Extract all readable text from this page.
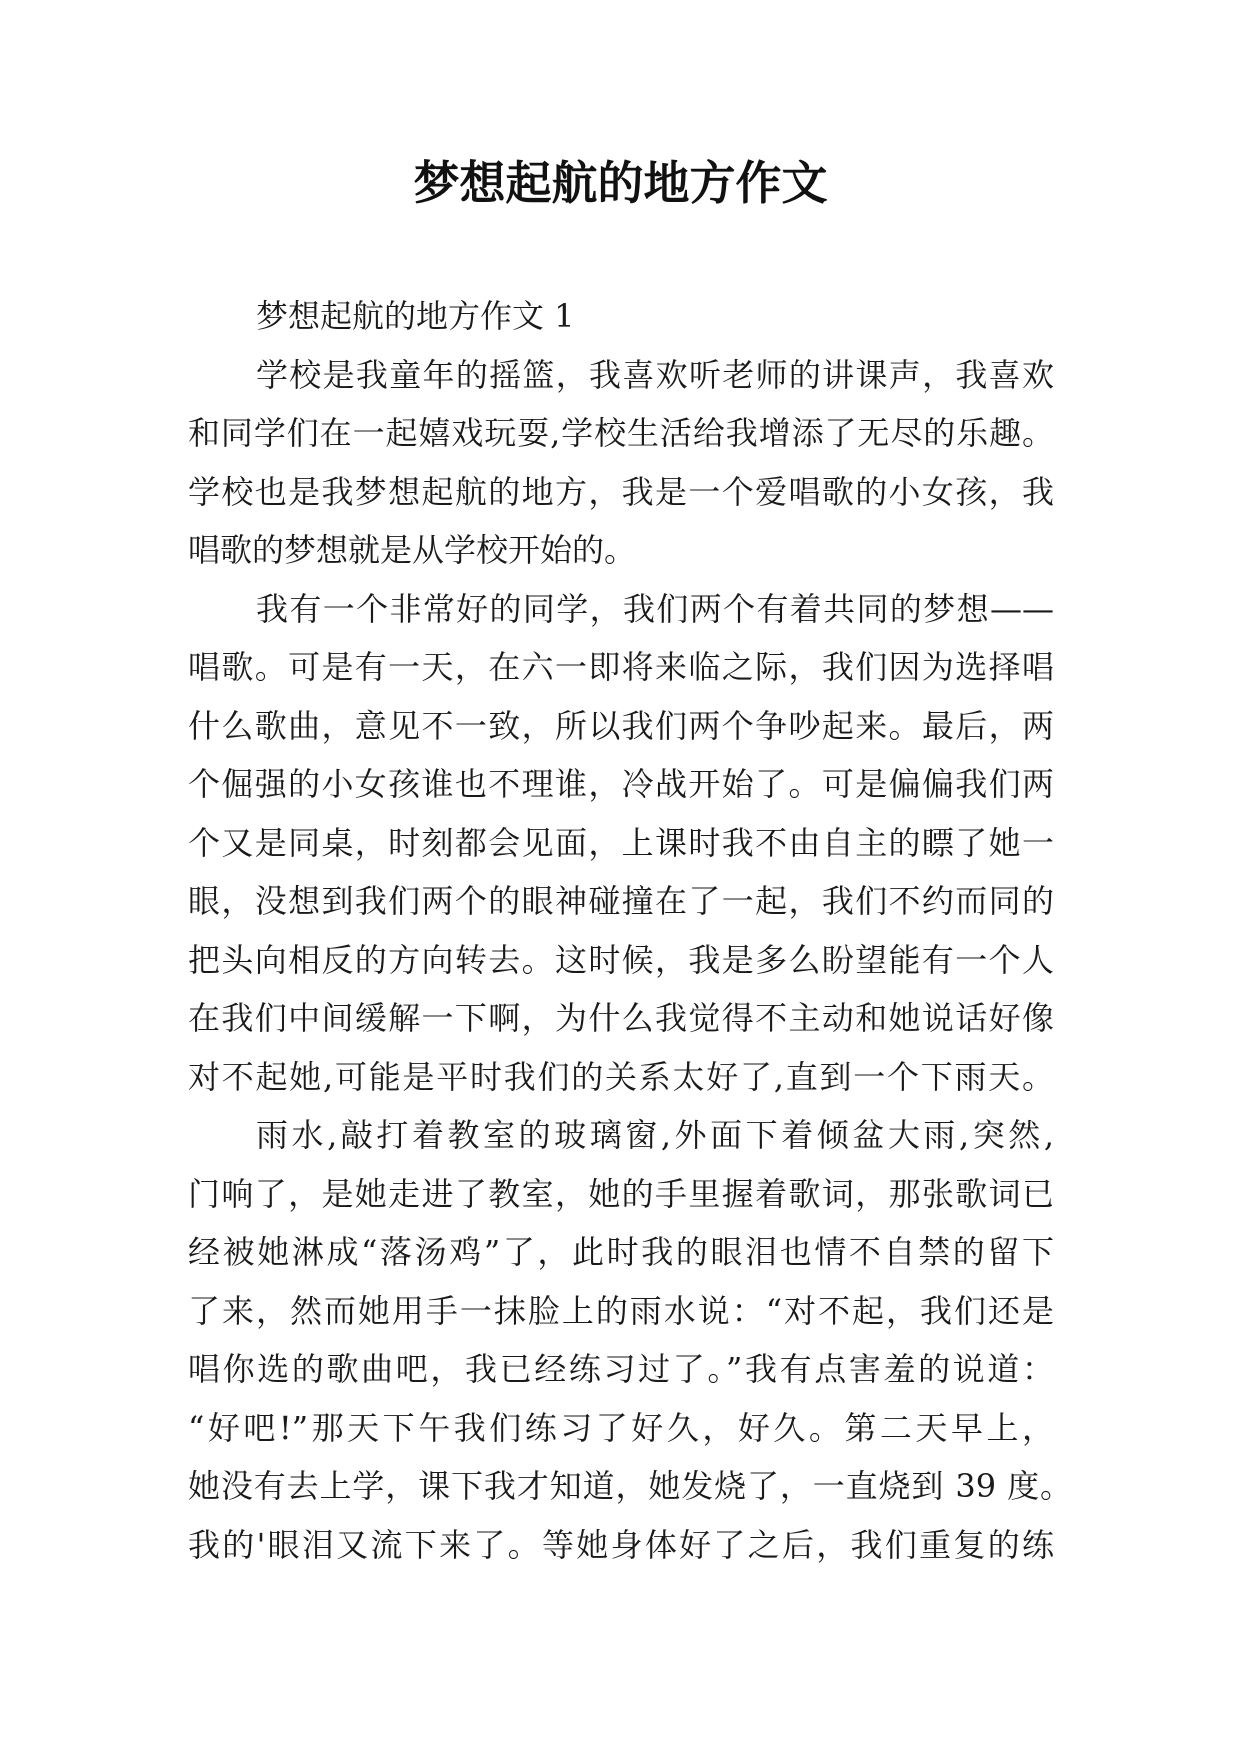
梦想起航的地方作文
梦想起航的地方作文 1
学校是我童年的摇篮，我喜欢听老师的讲课声，我喜欢
和同学们在一起嬉戏玩耍,学校生活给我增添了无尽的乐趣。
学校也是我梦想起航的地方，我是一个爱唱歌的小女孩，我
唱歌的梦想就是从学校开始的。
我有一个非常好的同学，我们两个有着共同的梦想——
唱歌。可是有一天，在六一即将来临之际，我们因为选择唱
什么歌曲，意见不一致，所以我们两个争吵起来。最后，两
个倔强的小女孩谁也不理谁，冷战开始了。可是偏偏我们两
个又是同桌，时刻都会见面，上课时我不由自主的瞟了她一
眼，没想到我们两个的眼神碰撞在了一起，我们不约而同的
把头向相反的方向转去。这时候，我是多么盼望能有一个人
在我们中间缓解一下啊，为什么我觉得不主动和她说话好像
对不起她,可能是平时我们的关系太好了,直到一个下雨天。
雨水,敲打着教室的玻璃窗,外面下着倾盆大雨,突然,
门响了，是她走进了教室，她的手里握着歌词，那张歌词已
经被她淋成“落汤鸡”了，此时我的眼泪也情不自禁的留下
了来，然而她用手一抹脸上的雨水说：“对不起，我们还是
唱你选的歌曲吧，我已经练习过了。”我有点害羞的说道：
“好吧!”那天下午我们练习了好久，好久。第二天早上，
她没有去上学，课下我才知道，她发烧了，一直烧到 39 度。
我的'眼泪又流下来了。等她身体好了之后，我们重复的练
